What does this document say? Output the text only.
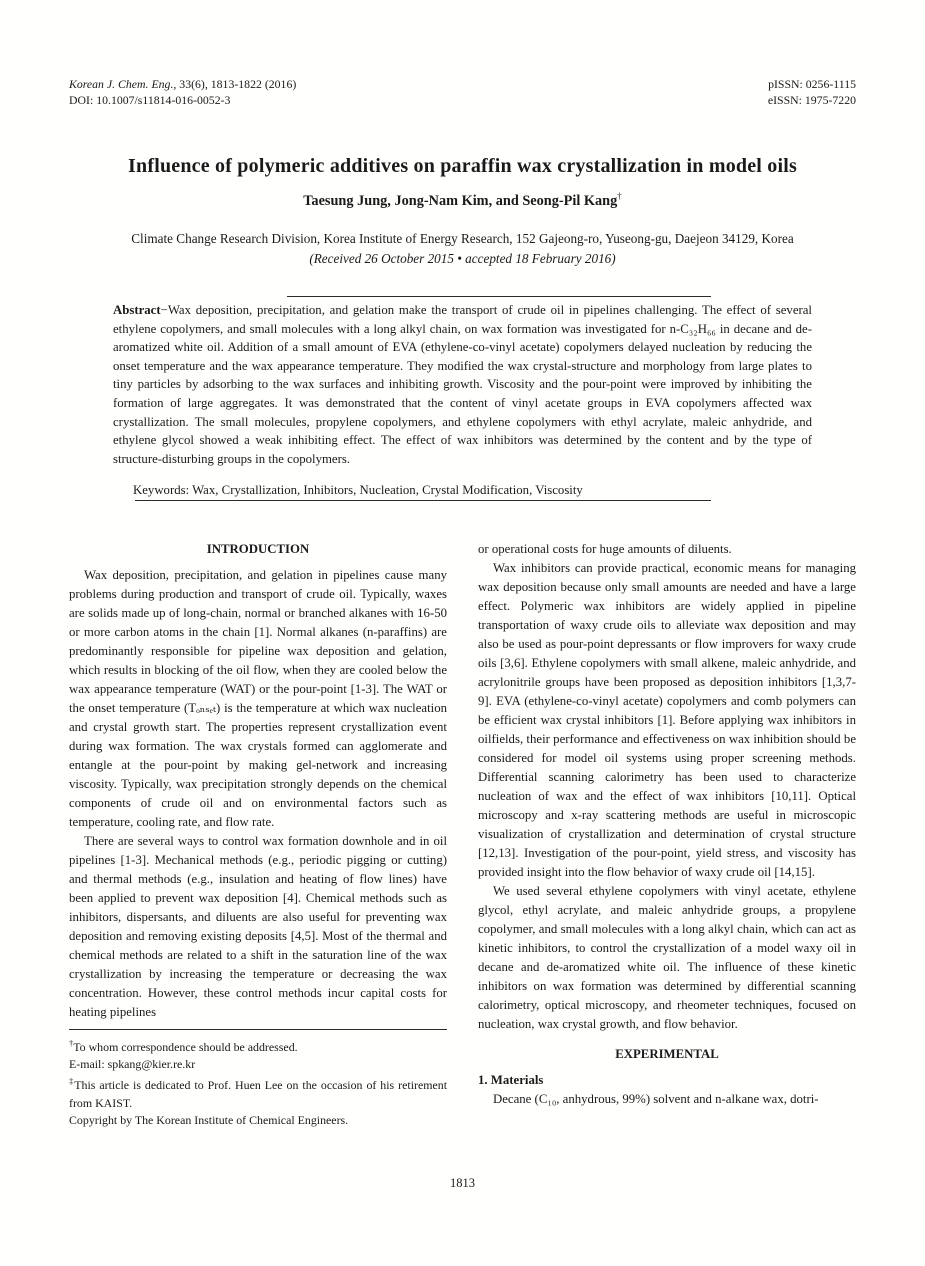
Korean J. Chem. Eng., 33(6), 1813-1822 (2016)
DOI: 10.1007/s11814-016-0052-3
pISSN: 0256-1115
eISSN: 1975-7220
Influence of polymeric additives on paraffin wax crystallization in model oils
Taesung Jung, Jong-Nam Kim, and Seong-Pil Kang†
Climate Change Research Division, Korea Institute of Energy Research, 152 Gajeong-ro, Yuseong-gu, Daejeon 34129, Korea
(Received 26 October 2015 • accepted 18 February 2016)
Abstract−Wax deposition, precipitation, and gelation make the transport of crude oil in pipelines challenging. The effect of several ethylene copolymers, and small molecules with a long alkyl chain, on wax formation was investigated for n-C₃₂H₆₆ in decane and de-aromatized white oil. Addition of a small amount of EVA (ethylene-co-vinyl acetate) copolymers delayed nucleation by reducing the onset temperature and the wax appearance temperature. They modified the wax crystal-structure and morphology from large plates to tiny particles by adsorbing to the wax surfaces and inhibiting growth. Viscosity and the pour-point were improved by inhibiting the formation of large aggregates. It was demonstrated that the content of vinyl acetate groups in EVA copolymers affected wax crystallization. The small molecules, propylene copolymers, and ethylene copolymers with ethyl acrylate, maleic anhydride, and ethylene glycol showed a weak inhibiting effect. The effect of wax inhibitors was determined by the content and by the type of structure-disturbing groups in the copolymers.
Keywords: Wax, Crystallization, Inhibitors, Nucleation, Crystal Modification, Viscosity
INTRODUCTION

Wax deposition, precipitation, and gelation in pipelines cause many problems during production and transport of crude oil. Typically, waxes are solids made up of long-chain, normal or branched alkanes with 16-50 or more carbon atoms in the chain [1]. Normal alkanes (n-paraffins) are predominantly responsible for pipeline wax deposition and gelation, which results in blocking of the oil flow, when they are cooled below the wax appearance temperature (WAT) or the pour-point [1-3]. The WAT or the onset temperature (Tₒₙₛₑₜ) is the temperature at which wax nucleation and crystal growth start. The properties represent crystallization event during wax formation. The wax crystals formed can agglomerate and entangle at the pour-point by making gel-network and increasing viscosity. Typically, wax precipitation strongly depends on the chemical components of crude oil and on environmental factors such as temperature, cooling rate, and flow rate.

There are several ways to control wax formation downhole and in oil pipelines [1-3]. Mechanical methods (e.g., periodic pigging or cutting) and thermal methods (e.g., insulation and heating of flow lines) have been applied to prevent wax deposition [4]. Chemical methods such as inhibitors, dispersants, and diluents are also useful for preventing wax deposition and removing existing deposits [4,5]. Most of the thermal and chemical methods are related to a shift in the saturation line of the wax crystallization by increasing the temperature or decreasing the wax concentration. However, these control methods incur capital costs for heating pipelines

†To whom correspondence should be addressed.

E-mail: spkang@kier.re.kr

‡This article is dedicated to Prof. Huen Lee on the occasion of his retirement from KAIST.

Copyright by The Korean Institute of Chemical Engineers.

or operational costs for huge amounts of diluents.

Wax inhibitors can provide practical, economic means for managing wax deposition because only small amounts are needed and have a large effect. Polymeric wax inhibitors are widely applied in pipeline transportation of waxy crude oils to alleviate wax deposition and may also be used as pour-point depressants or flow improvers for waxy crude oils [3,6]. Ethylene copolymers with small alkene, maleic anhydride, and acrylonitrile groups have been proposed as deposition inhibitors [1,3,7-9]. EVA (ethylene-co-vinyl acetate) copolymers and comb polymers can be efficient wax crystal inhibitors [1]. Before applying wax inhibitors in oilfields, their performance and effectiveness on wax inhibition should be considered for model oil systems using proper screening methods. Differential scanning calorimetry has been used to characterize nucleation of wax and the effect of wax inhibitors [10,11]. Optical microscopy and x-ray scattering methods are useful in microscopic visualization of crystallization and determination of crystal structure [12,13]. Investigation of the pour-point, yield stress, and viscosity has provided insight into the flow behavior of waxy crude oil [14,15].

We used several ethylene copolymers with vinyl acetate, ethylene glycol, ethyl acrylate, and maleic anhydride groups, a propylene copolymer, and small molecules with a long alkyl chain, which can act as kinetic inhibitors, to control the crystallization of a model waxy oil in decane and de-aromatized white oil. The influence of these kinetic inhibitors on wax formation was determined by differential scanning calorimetry, optical microscopy, and rheometer techniques, focused on nucleation, wax crystal growth, and flow behavior.

EXPERIMENTAL

1. Materials

Decane (C₁₀, anhydrous, 99%) solvent and n-alkane wax, dotri-

1813
